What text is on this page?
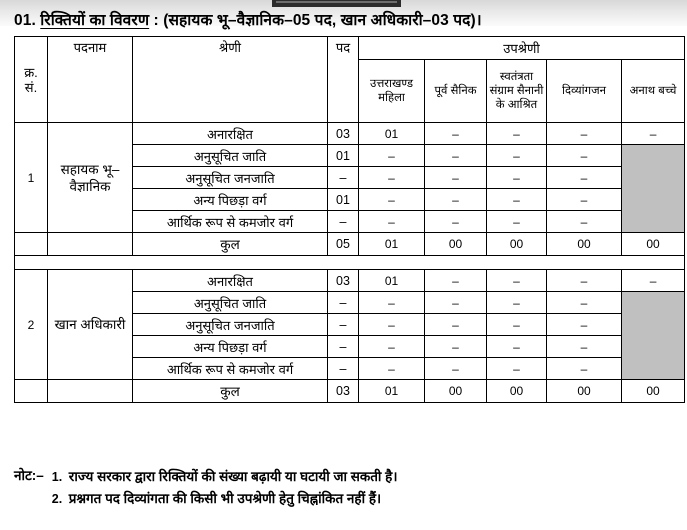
01. रिक्तियों का विवरण : (सहायक भू–वैज्ञानिक–05 पद, खान अधिकारी–03 पद)।
क्र.
सं.	पदनाम	श्रेणी	पद	उपश्रेणी				
				उत्तराखण्ड महिला	पूर्व सैनिक	स्वतंत्रता संग्राम सैनानी के आश्रित	दिव्यांगजन	अनाथ बच्चे
1	सहायक भू–वैज्ञानिक	अनारक्षित	03	01	–	–	–	–
		अनुसूचित जाति	01	–	–	–	–	
		अनुसूचित जनजाति	–	–	–	–	–	
		अन्य पिछड़ा वर्ग	01	–	–	–	–	
		आर्थिक रूप से कमजोर वर्ग	–	–	–	–	–	
		कुल	05	01	00	00	00	00

2	खान अधिकारी	अनारक्षित	03	01	–	–	–	–
		अनुसूचित जाति	–	–	–	–	–	
		अनुसूचित जनजाति	–	–	–	–	–	
		अन्य पिछड़ा वर्ग	–	–	–	–	–	
		आर्थिक रूप से कमजोर वर्ग	–	–	–	–	–	
		कुल	03	01	00	00	00	00
नोट:– 1. राज्य सरकार द्वारा रिक्तियों की संख्या बढ़ायी या घटायी ज‍ा सकती है।
2. प्रश्नगत पद दिव्यांगता की किसी भी उपश्रेणी हेतु चिह्नांकित नहीं हैं।
